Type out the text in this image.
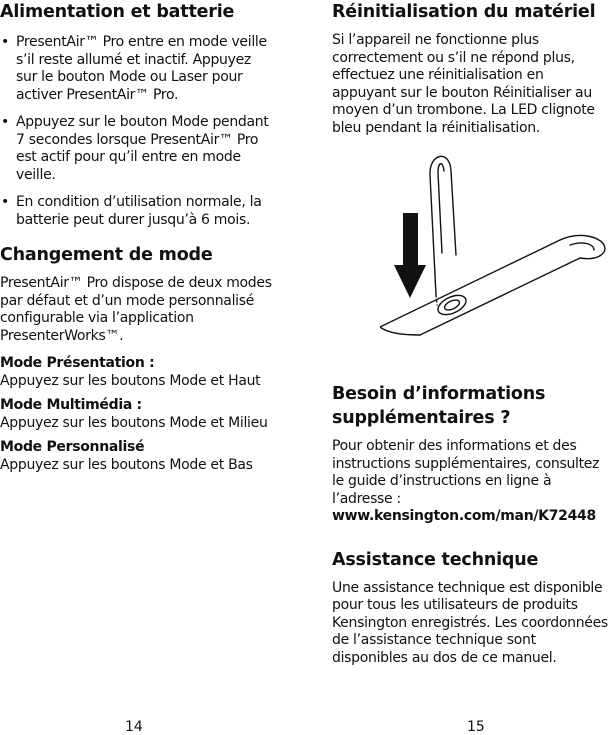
Alimentation et batterie
• PresentAir™ Pro entre en mode veille s’il reste allumé et inactif. Appuyez sur le bouton Mode ou Laser pour activer PresentAir™ Pro.
• Appuyez sur le bouton Mode pendant 7 secondes lorsque PresentAir™ Pro est actif pour qu’il entre en mode veille.
• En condition d’utilisation normale, la batterie peut durer jusqu’à 6 mois.
Changement de mode

PresentAir™ Pro dispose de deux modes par défaut et d’un mode personnalisé configurable via l’application PresenterWorks™.

Mode Présentation :
Appuyez sur les boutons Mode et Haut
Mode Multimédia :
Appuyez sur les boutons Mode et Milieu
Mode Personnalisé
Appuyez sur les boutons Mode et Bas
14
Réinitialisation du matériel

Si l’appareil ne fonctionne plus correctement ou s’il ne répond plus, effectuez une réinitialisation en appuyant sur le bouton Réinitialiser au moyen d’un trombone. La LED clignote bleu pendant la réinitialisation.

Besoin d’informations supplémentaires ?

Pour obtenir des informations et des instructions supplémentaires, consultez le guide d’instructions en ligne à l’adresse :

www.kensington.com/man/K72448
Assistance technique

Une assistance technique est disponible pour tous les utilisateurs de produits Kensington enregistrés. Les coordonnées de l’assistance technique sont disponibles au dos de ce manuel.

15
